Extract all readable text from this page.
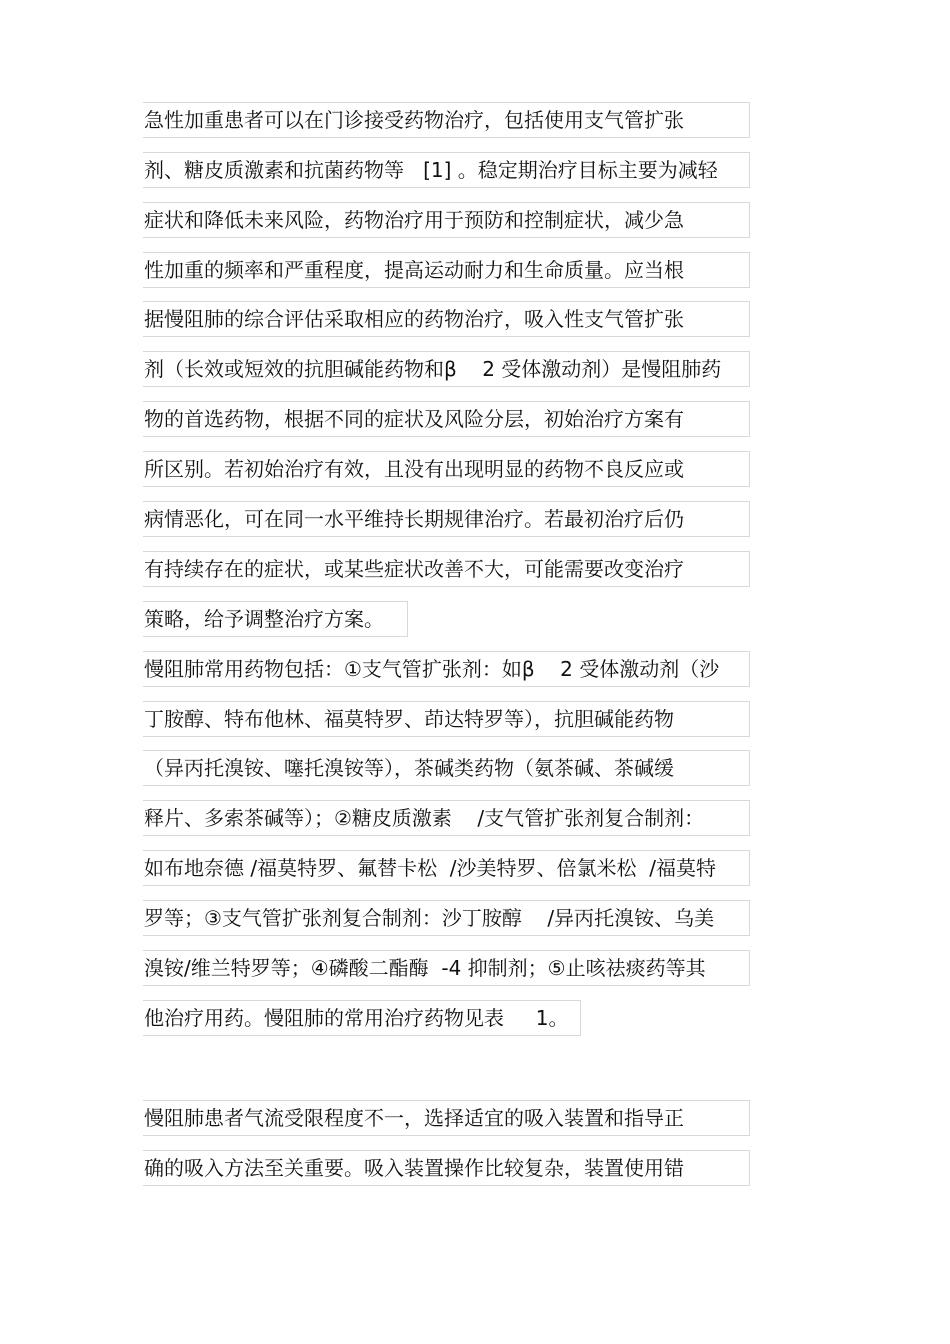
急性加重患者可以在门诊接受药物治疗，包括使用支气管扩张
剂、糖皮质激素和抗菌药物等   [1] 。稳定期治疗目标主要为减轻
症状和降低未来风险，药物治疗用于预防和控制症状，减少急
性加重的频率和严重程度，提高运动耐力和生命质量。应当根
据慢阻肺的综合评估采取相应的药物治疗，吸入性支气管扩张
剂（长效或短效的抗胆碱能药物和β    2 受体激动剂）是慢阻肺药
物的首选药物，根据不同的症状及风险分层，初始治疗方案有
所区别。若初始治疗有效，且没有出现明显的药物不良反应或
病情恶化，可在同一水平维持长期规律治疗。若最初治疗后仍
有持续存在的症状，或某些症状改善不大，可能需要改变治疗
策略，给予调整治疗方案。
慢阻肺常用药物包括：①支气管扩张剂：如β    2 受体激动剂（沙
丁胺醇、特布他林、福莫特罗、茚达特罗等），抗胆碱能药物
（异丙托溴铵、噻托溴铵等），茶碱类药物（氨茶碱、茶碱缓
释片、多索茶碱等）；②糖皮质激素    /支气管扩张剂复合制剂：
如布地奈德 /福莫特罗、氟替卡松  /沙美特罗、倍氯米松  /福莫特
罗等；③支气管扩张剂复合制剂：沙丁胺醇    /异丙托溴铵、乌美
溴铵/维兰特罗等；④磷酸二酯酶  -4 抑制剂；⑤止咳祛痰药等其
他治疗用药。慢阻肺的常用治疗药物见表     1。
慢阻肺患者气流受限程度不一，选择适宜的吸入装置和指导正
确的吸入方法至关重要。吸入装置操作比较复杂，装置使用错
